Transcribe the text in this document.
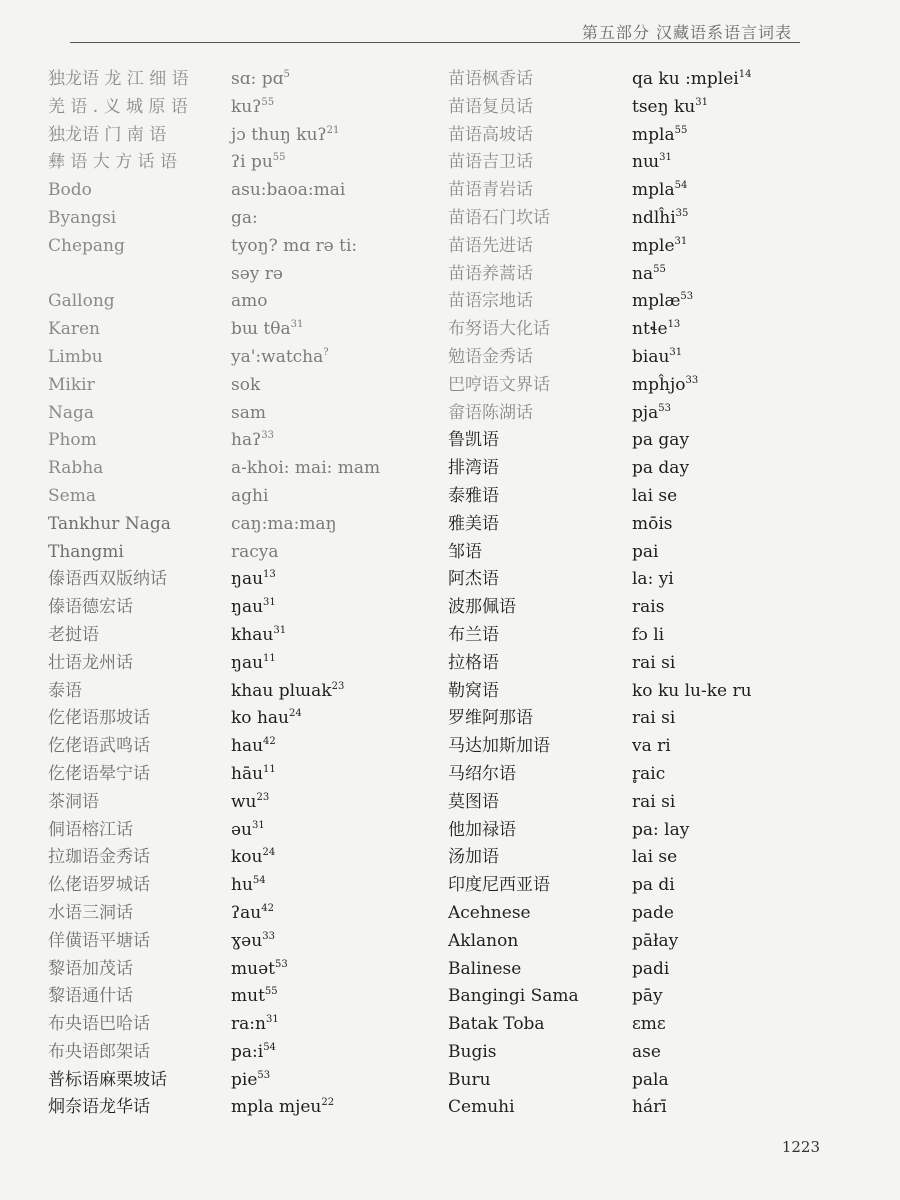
第五部分 汉藏语系语言词表
独龙语 龙 江 细 语
羌 语 . 义 城 原 语
独龙语 门 南 语
彝 语 大 方 话 语
Bodo
Byangsi
Chepang
Gallong
Karen
Limbu
Mikir
Naga
Phom
Rabha
Sema
Tankhur Naga
Thangmi
傣语西双版纳话
傣语德宏话
老挝语
壮语龙州话
泰语
仡佬语那坡话
仡佬语武鸣话
仡佬语晕宁话
茶洞语
侗语榕江话
拉珈语金秀话
仫佬语罗城话
水语三洞话
佯僙语平塘话
黎语加茂话
黎语通什话
布央语巴哈话
布央语郎架话
普标语麻栗坡话
炯奈语龙华话
sɑ: pɑ$^5$
kuʔ$^{55}$
jɔ thuŋ kuʔ$^{21}$
ʔi $pu^{55}$
asu:baoa:mai
ga:
tyoŋ? mɑ rə ti:
səy rə
amo
bɯ tθa$^{31}$
ya':watcha?
sok
sam
haʔ$^{33}$
a-khoi: mai: mam
aghi
caŋ:ma:maŋ
racya
ŋau$^{13}$
ŋau$^{31}$
khau$^{31}$
ŋau$^{11}$
khau plɯak$^{23}$
ko hau$^{24}$
hau$^{42}$
hāu$^{11}$
$wu^{23}$
əu$^{31}$
kou$^{24}$
$hu^{54}$
ʔau$^{42}$
ɣəu$^{33}$
muət$^{53}$
mut$^{55}$
$ra:n^{31}$
$pa:i^{54}$
pie$^{53}$
mpla mjeu$^{22}$
苗语枫香话
苗语复员话
苗语高坡话
苗语吉卫话
苗语青岩话
苗语石门坎话
苗语先进话
苗语养蒿话
苗语宗地话
布努语大化话
勉语金秀话
巴哼语文界话
畲语陈湖话
鲁凯语
排湾语
泰雅语
雅美语
邹语
阿杰语
波那佩语
布兰语
拉格语
勒窝语
罗维阿那语
马达加斯加语
马绍尔语
莫图语
他加禄语
汤加语
印度尼西亚语
Acehnese
Aklanon
Balinese
Bangingi Sama
Batak Toba
Bugis
Buru
Cemuhi
qa ku :mplei$^{14}$
tseŋ $ku^{31}$
mpla$^{55}$
nɯ$^{31}$
mpla$^{54}$
ndlĥi$^{35}$
mple$^{31}$
$na^{55}$
mplæ$^{53}$
ntɬe$^{13}$
biau$^{31}$
mpĥjo$^{33}$
pja$^{53}$
pa gay
pa day
lai se
mōis
pai
la: yi
rais
fɔ li
rai si
ko ku lu-ke ru
rai si
va ri
r̥aic
rai si
pa: lay
lai se
pa di
pade
pāłay
padi
pāy
ɛmɛ
ase
pala
hárī
1223
